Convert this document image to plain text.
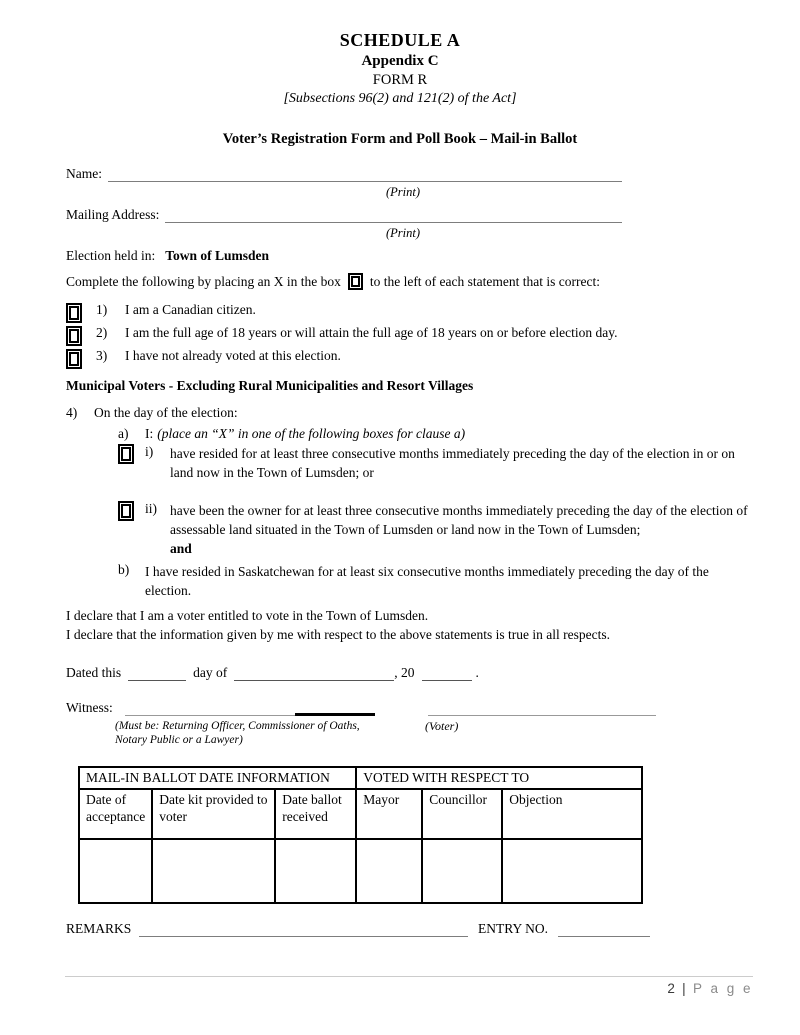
SCHEDULE A
Appendix C
FORM R
[Subsections 96(2) and 121(2) of the Act]
Voter’s Registration Form and Poll Book – Mail-in Ballot
Name:
(Print)
Mailing Address:
(Print)
Election held in: Town of Lumsden
Complete the following by placing an X in the box to the left of each statement that is correct:
1)	I am a Canadian citizen.
2)	I am the full age of 18 years or will attain the full age of 18 years on or before election day.
3)	I have not already voted at this election.
Municipal Voters - Excluding Rural Municipalities and Resort Villages
4)	On the day of the election:
a)	I: (place an “X” in one of the following boxes for clause a)
i)	have resided for at least three consecutive months immediately preceding the day of the election in or on land now in the Town of Lumsden; or
ii) have been the owner for at least three consecutive months immediately preceding the day of the election of assessable land situated in the Town of Lumsden or land now in the Town of Lumsden;
and
b)	I have resided in Saskatchewan for at least six consecutive months immediately preceding the day of the election.
I declare that I am a voter entitled to vote in the Town of Lumsden.
I declare that the information given by me with respect to the above statements is true in all respects.
Dated this	day of	, 20	.
Witness:
(Must be: Returning Officer, Commissioner of Oaths,
Notary Public or a Lawyer)
(Voter)
MAIL-IN BALLOT DATE INFORMATION			VOTED WITH RESPECT TO		
Date of acceptance	Date kit provided to voter	Date ballot received	Mayor	Councillor	Objection

REMARKS	ENTRY NO.
2 | P a g e
